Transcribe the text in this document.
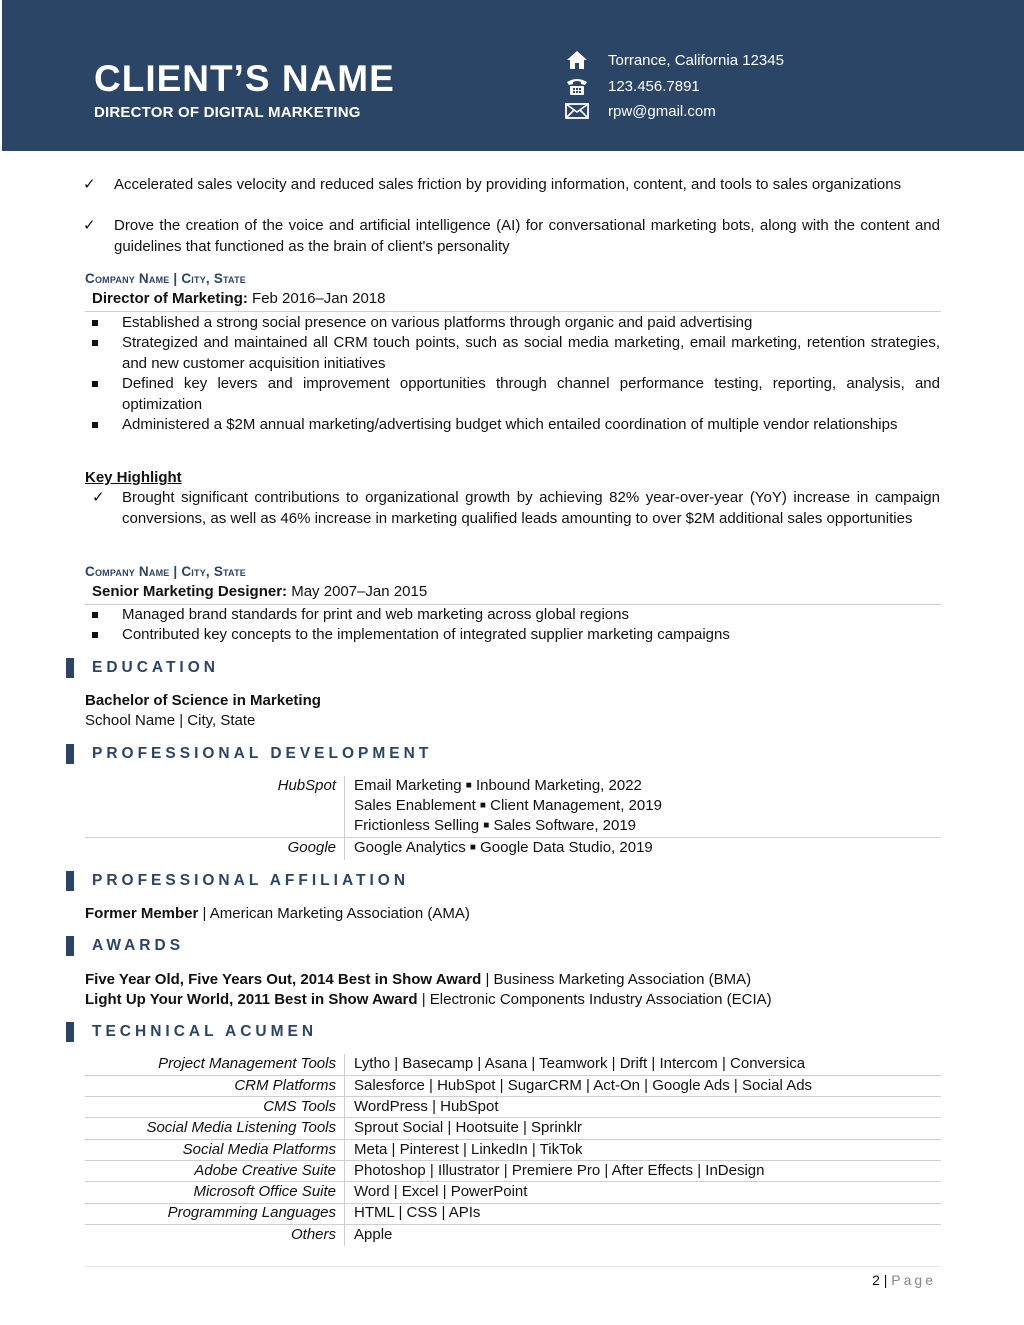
CLIENT’S NAME
DIRECTOR OF DIGITAL MARKETING
Torrance, California 12345
123.456.7891
rpw@gmail.com
✓ Accelerated sales velocity and reduced sales friction by providing information, content, and tools to sales organizations
✓ Drove the creation of the voice and artificial intelligence (AI) for conversational marketing bots, along with the content and guidelines that functioned as the brain of client's personality
Company Name | City, State
Director of Marketing: Feb 2016–Jan 2018
Established a strong social presence on various platforms through organic and paid advertising
Strategized and maintained all CRM touch points, such as social media marketing, email marketing, retention strategies, and new customer acquisition initiatives
Defined key levers and improvement opportunities through channel performance testing, reporting, analysis, and optimization
Administered a $2M annual marketing/advertising budget which entailed coordination of multiple vendor relationships
Key Highlight
✓ Brought significant contributions to organizational growth by achieving 82% year-over-year (YoY) increase in campaign conversions, as well as 46% increase in marketing qualified leads amounting to over $2M additional sales opportunities
Company Name | City, State
Senior Marketing Designer: May 2007–Jan 2015
Managed brand standards for print and web marketing across global regions
Contributed key concepts to the implementation of integrated supplier marketing campaigns
EDUCATION
Bachelor of Science in Marketing
School Name | City, State
PROFESSIONAL DEVELOPMENT
HubSpot Email Marketing ■ Inbound Marketing, 2022
Sales Enablement ■ Client Management, 2019
Frictionless Selling ■ Sales Software, 2019
Google Google Analytics ■ Google Data Studio, 2019
PROFESSIONAL AFFILIATION
Former Member | American Marketing Association (AMA)
AWARDS
Five Year Old, Five Years Out, 2014 Best in Show Award | Business Marketing Association (BMA)
Light Up Your World, 2011 Best in Show Award | Electronic Components Industry Association (ECIA)
TECHNICAL ACUMEN
Project Management Tools Lytho | Basecamp | Asana | Teamwork | Drift | Intercom | Conversica
CRM Platforms Salesforce | HubSpot | SugarCRM | Act-On | Google Ads | Social Ads
CMS Tools WordPress | HubSpot
Social Media Listening Tools Sprout Social | Hootsuite | Sprinklr
Social Media Platforms Meta | Pinterest | LinkedIn | TikTok
Adobe Creative Suite Photoshop | Illustrator | Premiere Pro | After Effects | InDesign
Microsoft Office Suite Word | Excel | PowerPoint
Programming Languages HTML | CSS | APIs
Others Apple
2 | Page
